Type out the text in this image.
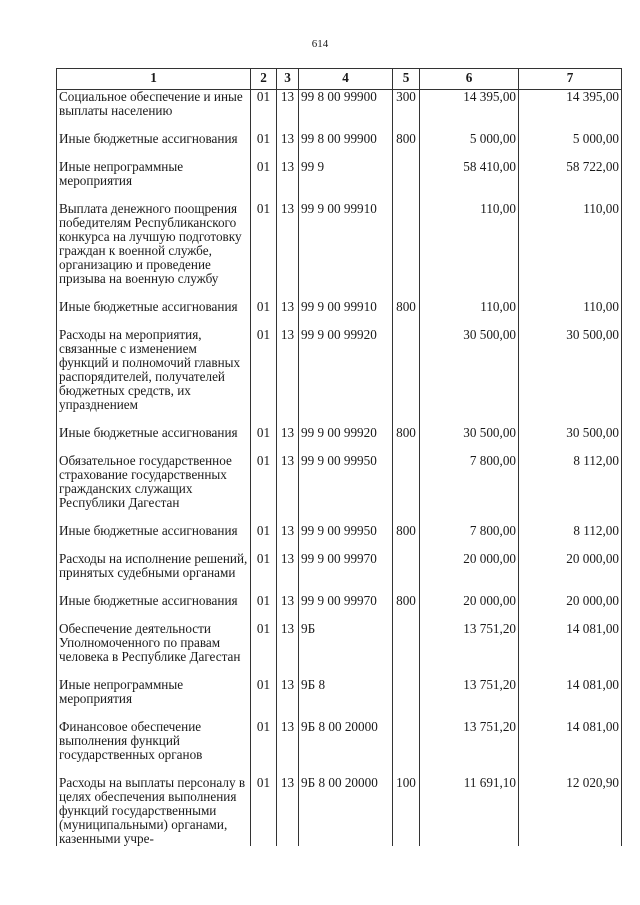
614
1	2	3	4	5	6	7
Социальное обеспечение и иные выплаты населению	01	13	99 8 00 99900	300	14 395,00	14 395,00
Иные бюджетные ассигнования	01	13	99 8 00 99900	800	5 000,00	5 000,00
Иные непрограммные мероприятия	01	13	99 9		58 410,00	58 722,00
Выплата денежного поощрения победителям Республиканского конкурса на лучшую подготовку граждан к военной службе, организацию и проведение призыва на военную службу	01	13	99 9 00 99910		110,00	110,00
Иные бюджетные ассигнования	01	13	99 9 00 99910	800	110,00	110,00
Расходы на мероприятия, связанные с изменением функций и полномочий главных распорядителей, получателей бюджетных средств, их упразднением	01	13	99 9 00 99920		30 500,00	30 500,00
Иные бюджетные ассигнования	01	13	99 9 00 99920	800	30 500,00	30 500,00
Обязательное государственное страхование государственных гражданских служащих Республики Дагестан	01	13	99 9 00 99950		7 800,00	8 112,00
Иные бюджетные ассигнования	01	13	99 9 00 99950	800	7 800,00	8 112,00
Расходы на исполнение решений, принятых судебными органами	01	13	99 9 00 99970		20 000,00	20 000,00
Иные бюджетные ассигнования	01	13	99 9 00 99970	800	20 000,00	20 000,00
Обеспечение деятельности Уполномоченного по правам человека в Республике Дагестан	01	13	9Б		13 751,20	14 081,00
Иные непрограммные мероприятия	01	13	9Б 8		13 751,20	14 081,00
Финансовое обеспечение выполнения функций государственных органов	01	13	9Б 8 00 20000		13 751,20	14 081,00
Расходы на выплаты персоналу в целях обеспечения выполнения функций государственными (муниципальными) органами, казенными учре-	01	13	9Б 8 00 20000	100	11 691,10	12 020,90
